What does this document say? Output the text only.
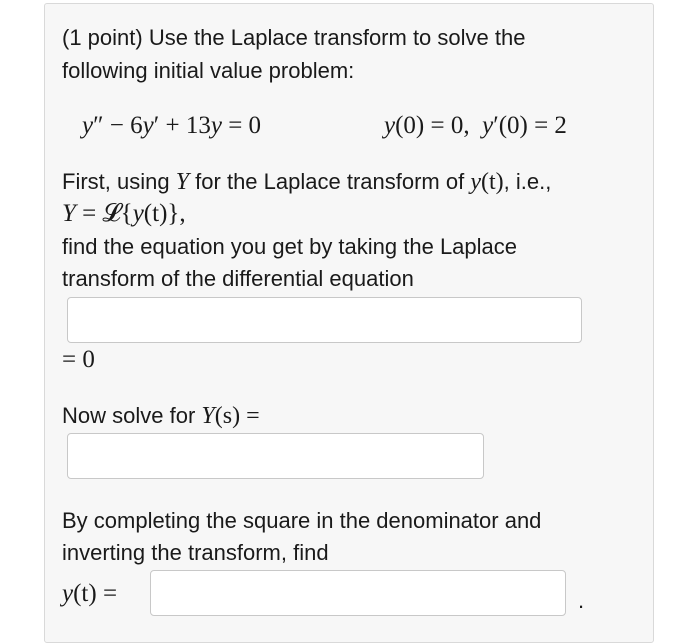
(1 point) Use the Laplace transform to solve the
following initial value problem:
y″ − 6y′ + 13y = 0	y(0) = 0, y′(0) = 2
First, using Y for the Laplace transform of y(t), i.e.,
Y = 𝓛{y(t)},
find the equation you get by taking the Laplace
transform of the differential equation
= 0
Now solve for Y(s) =
By completing the square in the denominator and
inverting the transform, find
y(t) =	.
